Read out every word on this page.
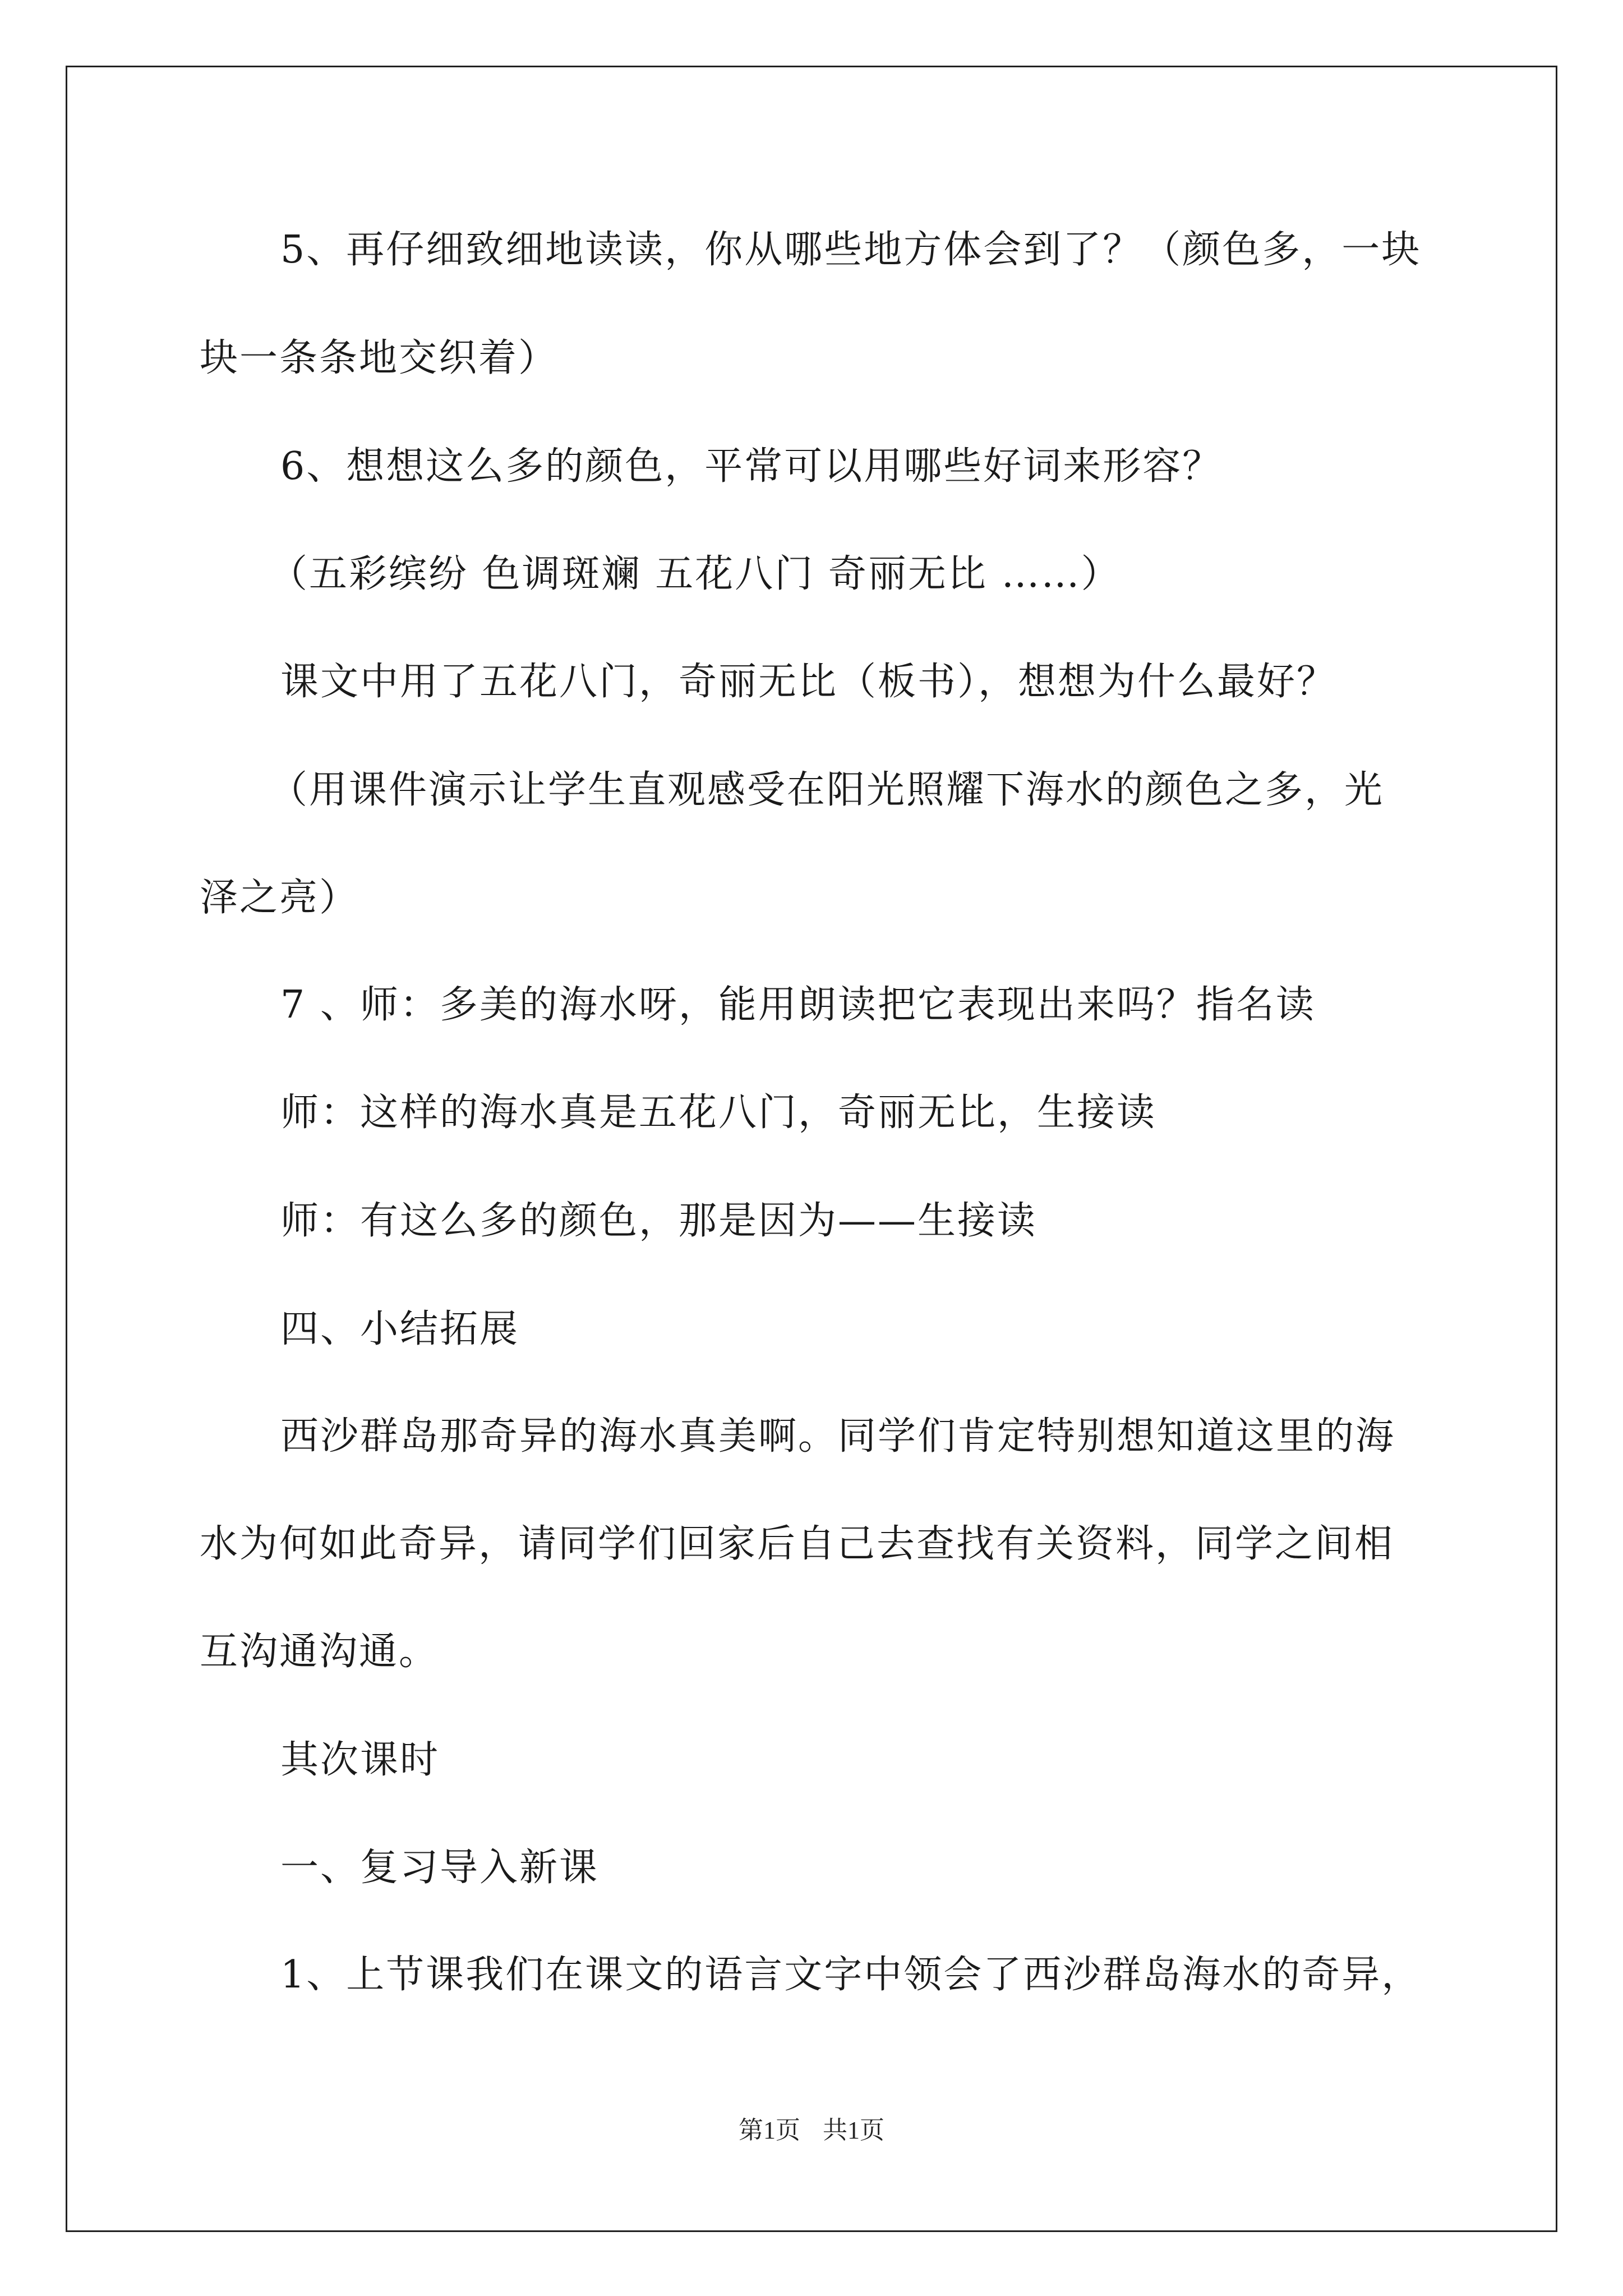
5、再仔细致细地读读，你从哪些地方体会到了？（颜色多，一块

块一条条地交织着）

6、想想这么多的颜色，平常可以用哪些好词来形容？

（五彩缤纷 色调斑斓 五花八门 奇丽无比 ……）

课文中用了五花八门，奇丽无比（板书），想想为什么最好？

（用课件演示让学生直观感受在阳光照耀下海水的颜色之多，光

泽之亮）

7 、师：多美的海水呀，能用朗读把它表现出来吗？指名读

师：这样的海水真是五花八门，奇丽无比，生接读

师：有这么多的颜色，那是因为——生接读

四、小结拓展

西沙群岛那奇异的海水真美啊。同学们肯定特别想知道这里的海

水为何如此奇异，请同学们回家后自己去查找有关资料，同学之间相

互沟通沟通。

其次课时

一、复习导入新课

1、上节课我们在课文的语言文字中领会了西沙群岛海水的奇异，

第1页 共1页
